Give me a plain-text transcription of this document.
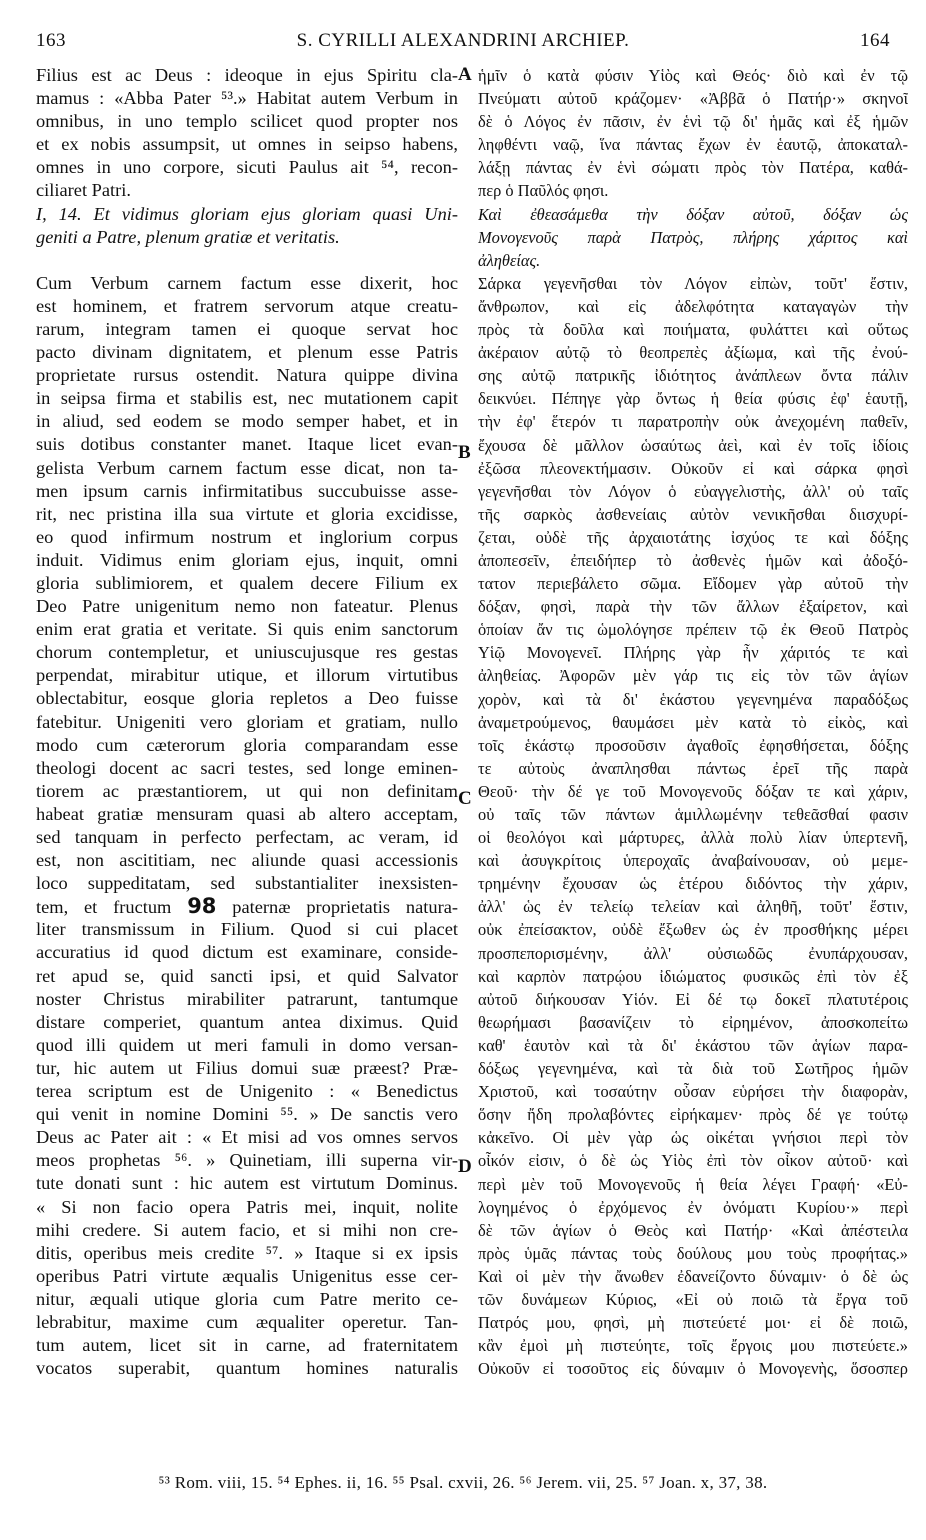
163	S. CYRILLI ALEXANDRINI ARCHIEP.	164
Filius est ac Deus : ideoque in ejus Spiritu cla-
mamus : «Abba Pater ⁵³.» Habitat autem Verbum in
omnibus, in uno templo scilicet quod propter nos
et ex nobis assumpsit, ut omnes in seipso habens,
omnes in uno corpore, sicuti Paulus ait ⁵⁴, recon-
ciliaret Patri.
I, 14. Et vidimus gloriam ejus gloriam quasi Uni-
geniti a Patre, plenum gratiæ et veritatis.
Cum Verbum carnem factum esse dixerit, hoc
est hominem, et fratrem servorum atque creatu-
rarum, integram tamen ei quoque servat hoc
pacto divinam dignitatem, et plenum esse Patris
proprietate rursus ostendit. Natura quippe divina
in seipsa firma et stabilis est, nec mutationem capit
in aliud, sed eodem se modo semper habet, et in
suis dotibus constanter manet. Itaque licet evan-
gelista Verbum carnem factum esse dicat, non ta-
men ipsum carnis infirmitatibus succubuisse asse-
rit, nec pristina illa sua virtute et gloria excidisse,
eo quod infirmum nostrum et inglorium corpus
induit. Vidimus enim gloriam ejus, inquit, omni
gloria sublimiorem, et qualem decere Filium ex
Deo Patre unigenitum nemo non fateatur. Plenus
enim erat gratia et veritate. Si quis enim sanctorum
chorum contempletur, et uniuscujusque res gestas
perpendat, mirabitur utique, et illorum virtutibus
oblectabitur, eosque gloria repletos a Deo fuisse
fatebitur. Unigeniti vero gloriam et gratiam, nullo
modo cum cæterorum gloria comparandam esse
theologi docent ac sacri testes, sed longe eminen-
tiorem ac præstantiorem, ut qui non definitam
habeat gratiæ mensuram quasi ab altero acceptam,
sed tanquam in perfecto perfectam, ac veram, id
est, non ascititiam, nec aliunde quasi accessionis
loco suppeditatam, sed substantialiter inexsisten-
tem, et fructum 98 paternæ proprietatis natura-
liter transmissum in Filium. Quod si cui placet
accuratius id quod dictum est examinare, conside-
ret apud se, quid sancti ipsi, et quid Salvator
noster Christus mirabiliter patrarunt, tantumque
distare comperiet, quantum antea diximus. Quid
quod illi quidem ut meri famuli in domo versan-
tur, hic autem ut Filius domui suæ præest? Præ-
terea scriptum est de Unigenito : « Benedictus
qui venit in nomine Domini ⁵⁵. » De sanctis vero
Deus ac Pater ait : « Et misi ad vos omnes servos
meos prophetas ⁵⁶. » Quinetiam, illi superna vir-
tute donati sunt : hic autem est virtutum Dominus.
« Si non facio opera Patris mei, inquit, nolite
mihi credere. Si autem facio, et si mihi non cre-
ditis, operibus meis credite ⁵⁷. » Itaque si ex ipsis
operibus Patri virtute æqualis Unigenitus esse cer-
nitur, æquali utique gloria cum Patre merito ce-
lebrabitur, maxime cum æqualiter operetur. Tan-
tum autem, licet sit in carne, ad fraternitatem
vocatos superabit, quantum homines naturalis
A
B
C
D
ἡμῖν ὁ κατὰ φύσιν Υἱὸς καὶ Θεός· διὸ καὶ ἐν τῷ
Πνεύματι αὐτοῦ κράζομεν· «Ἀββᾶ ὁ Πατήρ·» σκηνοῖ
δὲ ὁ Λόγος ἐν πᾶσιν, ἐν ἑνὶ τῷ δι' ἡμᾶς καὶ ἐξ ἡμῶν
ληφθέντι ναῷ, ἵνα πάντας ἔχων ἐν ἑαυτῷ, ἀποκαταλ-
λάξῃ πάντας ἐν ἑνὶ σώματι πρὸς τὸν Πατέρα, καθά-
περ ὁ Παῦλός φησι.
Καὶ ἐθεασάμεθα τὴν δόξαν αὐτοῦ, δόξαν ὡς
Μονογενοῦς παρὰ Πατρὸς, πλήρης χάριτος καὶ
ἀληθείας.
Σάρκα γεγενῆσθαι τὸν Λόγον εἰπὼν, τοῦτ' ἔστιν,
ἄνθρωπον, καὶ εἰς ἀδελφότητα καταγαγὼν τὴν
πρὸς τὰ δοῦλα καὶ ποιήματα, φυλάττει καὶ οὕτως
ἀκέραιον αὐτῷ τὸ θεοπρεπὲς ἀξίωμα, καὶ τῆς ἐνού-
σης αὐτῷ πατρικῆς ἰδιότητος ἀνάπλεων ὄντα πάλιν
δεικνύει. Πέπηγε γὰρ ὄντως ἡ θεία φύσις ἐφ' ἑαυτῇ,
τὴν ἐφ' ἕτερόν τι παρατροπὴν οὐκ ἀνεχομένη παθεῖν,
ἔχουσα δὲ μᾶλλον ὡσαύτως ἀεὶ, καὶ ἐν τοῖς ἰδίοις
ἐξῶσα πλεονεκτήμασιν. Οὐκοῦν εἰ καὶ σάρκα φησὶ
γεγενῆσθαι τὸν Λόγον ὁ εὐαγγελιστὴς, ἀλλ' οὐ ταῖς
τῆς σαρκὸς ἀσθενείαις αὐτὸν νενικῆσθαι διισχυρί-
ζεται, οὐδὲ τῆς ἀρχαιοτάτης ἰσχύος τε καὶ δόξης
ἀποπεσεῖν, ἐπειδήπερ τὸ ἀσθενὲς ἡμῶν καὶ ἀδοξό-
τατον περιεβάλετο σῶμα. Εἴδομεν γὰρ αὐτοῦ τὴν
δόξαν, φησὶ, παρὰ τὴν τῶν ἄλλων ἐξαίρετον, καὶ
ὁποίαν ἄν τις ὡμολόγησε πρέπειν τῷ ἐκ Θεοῦ Πατρὸς
Υἱῷ Μονογενεῖ. Πλήρης γὰρ ἦν χάριτός τε καὶ
ἀληθείας. Ἀφορῶν μὲν γάρ τις εἰς τὸν τῶν ἁγίων
χορὸν, καὶ τὰ δι' ἑκάστου γεγενημένα παραδόξως
ἀναμετρούμενος, θαυμάσει μὲν κατὰ τὸ εἰκὸς, καὶ
τοῖς ἑκάστῳ προσοῦσιν ἀγαθοῖς ἐφησθήσεται, δόξης
τε αὐτοὺς ἀναπλησθαι πάντως ἐρεῖ τῆς παρὰ
Θεοῦ· τὴν δέ γε τοῦ Μονογενοῦς δόξαν τε καὶ χάριν,
οὐ ταῖς τῶν πάντων ἁμιλλωμένην τεθεᾶσθαί φασιν
οἱ θεολόγοι καὶ μάρτυρες, ἀλλὰ πολὺ λίαν ὑπερτενῆ,
καὶ ἀσυγκρίτοις ὑπεροχαῖς ἀναβαίνουσαν, οὐ μεμε-
τρημένην ἔχουσαν ὡς ἑτέρου διδόντος τὴν χάριν,
ἀλλ' ὡς ἐν τελείῳ τελείαν καὶ ἀληθῆ, τοῦτ' ἔστιν,
οὐκ ἐπείσακτον, οὐδὲ ἔξωθεν ὡς ἐν προσθήκης μέρει
προσπεπορισμένην, ἀλλ' οὐσιωδῶς ἐνυπάρχουσαν,
καὶ καρπὸν πατρῴου ἰδιώματος φυσικῶς ἐπὶ τὸν ἐξ
αὐτοῦ διήκουσαν Υἱόν. Εἰ δέ τῳ δοκεῖ πλατυτέροις
θεωρήμασι βασανίζειν τὸ εἰρημένον, ἀποσκοπείτω
καθ' ἑαυτὸν καὶ τὰ δι' ἑκάστου τῶν ἁγίων παρα-
δόξως γεγενημένα, καὶ τὰ διὰ τοῦ Σωτῆρος ἡμῶν
Χριστοῦ, καὶ τοσαύτην οὖσαν εὑρήσει τὴν διαφορὰν,
ὅσην ἤδη προλαβόντες εἰρήκαμεν· πρὸς δέ γε τούτῳ
κἀκεῖνο. Οἱ μὲν γὰρ ὡς οἰκέται γνήσιοι περὶ τὸν
οἶκόν εἰσιν, ὁ δὲ ὡς Υἱὸς ἐπὶ τὸν οἶκον αὐτοῦ· καὶ
περὶ μὲν τοῦ Μονογενοῦς ἡ θεία λέγει Γραφή· «Εὐ-
λογημένος ὁ ἐρχόμενος ἐν ὀνόματι Κυρίου·» περὶ
δὲ τῶν ἁγίων ὁ Θεὸς καὶ Πατήρ· «Καὶ ἀπέστειλα
πρὸς ὑμᾶς πάντας τοὺς δούλους μου τοὺς προφήτας.»
Καὶ οἱ μὲν τὴν ἄνωθεν ἐδανείζοντο δύναμιν· ὁ δὲ ὡς
τῶν δυνάμεων Κύριος, «Εἰ οὐ ποιῶ τὰ ἔργα τοῦ
Πατρός μου, φησὶ, μὴ πιστεύετέ μοι· εἰ δὲ ποιῶ,
κἂν ἐμοὶ μὴ πιστεύητε, τοῖς ἔργοις μου πιστεύετε.»
Οὐκοῦν εἰ τοσοῦτος εἰς δύναμιν ὁ Μονογενὴς, ὅσοσπερ
⁵³ Rom. viii, 15. ⁵⁴ Ephes. ii, 16. ⁵⁵ Psal. cxvii, 26. ⁵⁶ Jerem. vii, 25. ⁵⁷ Joan. x, 37, 38.
